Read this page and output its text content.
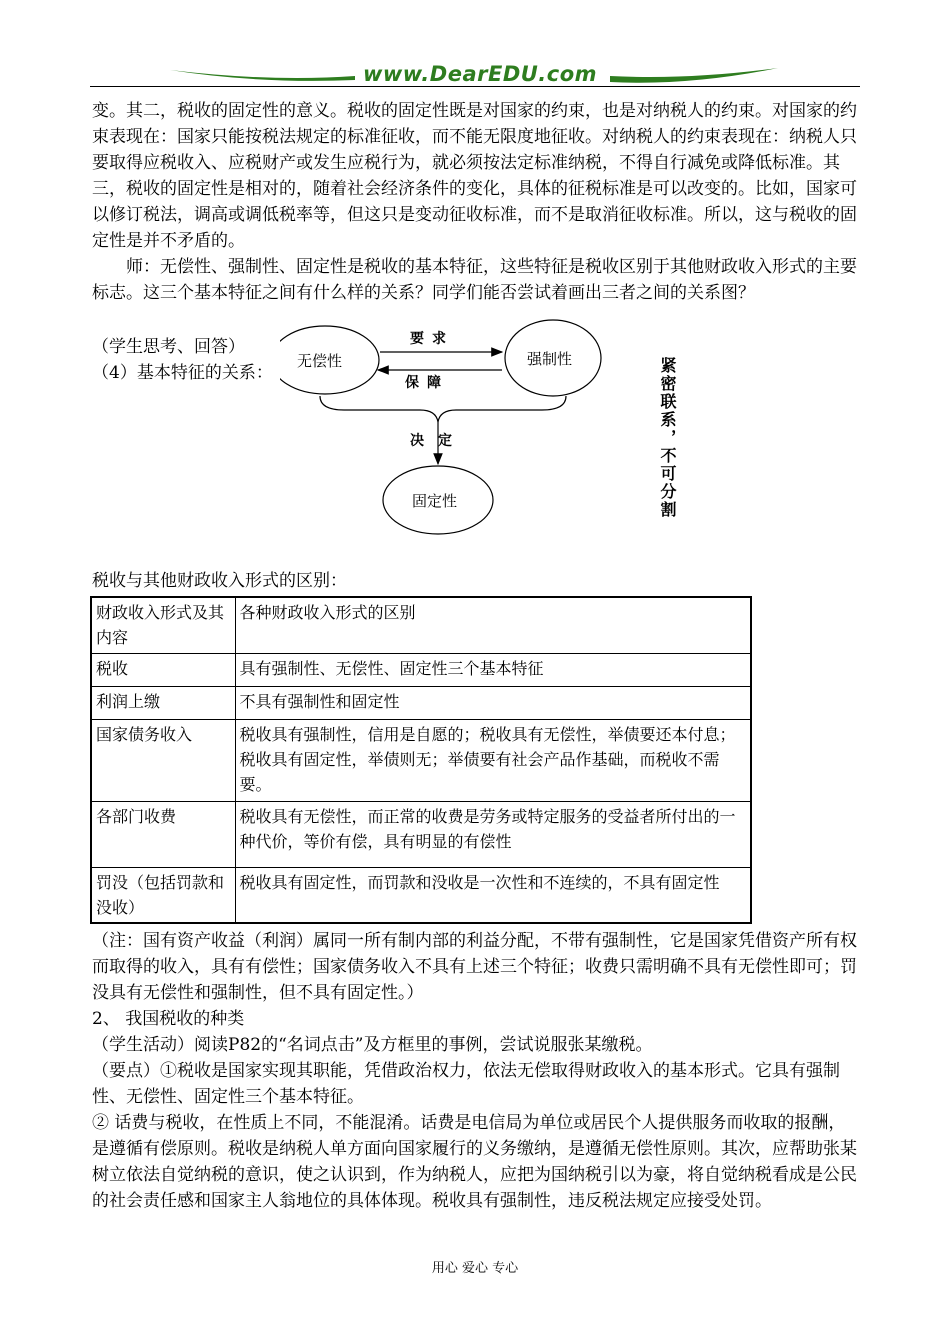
www.DearEDU.com

变。其二，税收的固定性的意义。税收的固定性既是对国家的约束，也是对纳税人的约束。对国家的约束表现在：国家只能按税法规定的标准征收，而不能无限度地征收。对纳税人的约束表现在：纳税人只要取得应税收入、应税财产或发生应税行为，就必须按法定标准纳税，不得自行减免或降低标准。其三，税收的固定性是相对的，随着社会经济条件的变化，具体的征税标准是可以改变的。比如，国家可以修订税法，调高或调低税率等，但这只是变动征收标准，而不是取消征收标准。所以，这与税收的固定性是并不矛盾的。

师：无偿性、强制性、固定性是税收的基本特征，这些特征是税收区别于其他财政收入形式的主要标志。这三个基本特征之间有什么样的关系？同学们能否尝试着画出三者之间的关系图？

（学生思考、回答）
（4）基本特征的关系：
无偿性	强制性
固定性
要求
保障
决定	紧密联系，不可分割
税收与其他财政收入形式的区别：
财政收入形式及其内容	各种财政收入形式的区别
税收	具有强制性、无偿性、固定性三个基本特征
利润上缴	不具有强制性和固定性
国家债务收入	税收具有强制性，信用是自愿的；税收具有无偿性，举债要还本付息；税收具有固定性，举债则无；举债要有社会产品作基础，而税收不需要。
各部门收费	税收具有无偿性，而正常的收费是劳务或特定服务的受益者所付出的一种代价，等价有偿，具有明显的有偿性
罚没（包括罚款和没收）	税收具有固定性，而罚款和没收是一次性和不连续的，不具有固定性

（注：国有资产收益（利润）属同一所有制内部的利益分配，不带有强制性，它是国家凭借资产所有权而取得的收入，具有有偿性；国家债务收入不具有上述三个特征；收费只需明确不具有无偿性即可；罚没具有无偿性和强制性，但不具有固定性。）

2、 我国税收的种类

（学生活动）阅读P82的“名词点击”及方框里的事例，尝试说服张某缴税。

（要点）①税收是国家实现其职能，凭借政治权力，依法无偿取得财政收入的基本形式。它具有强制性、无偿性、固定性三个基本特征。

② 话费与税收，在性质上不同，不能混淆。话费是电信局为单位或居民个人提供服务而收取的报酬，是遵循有偿原则。税收是纳税人单方面向国家履行的义务缴纳，是遵循无偿性原则。其次，应帮助张某树立依法自觉纳税的意识，使之认识到，作为纳税人，应把为国纳税引以为豪，将自觉纳税看成是公民的社会责任感和国家主人翁地位的具体体现。税收具有强制性，违反税法规定应接受处罚。

用心 爱心 专心
